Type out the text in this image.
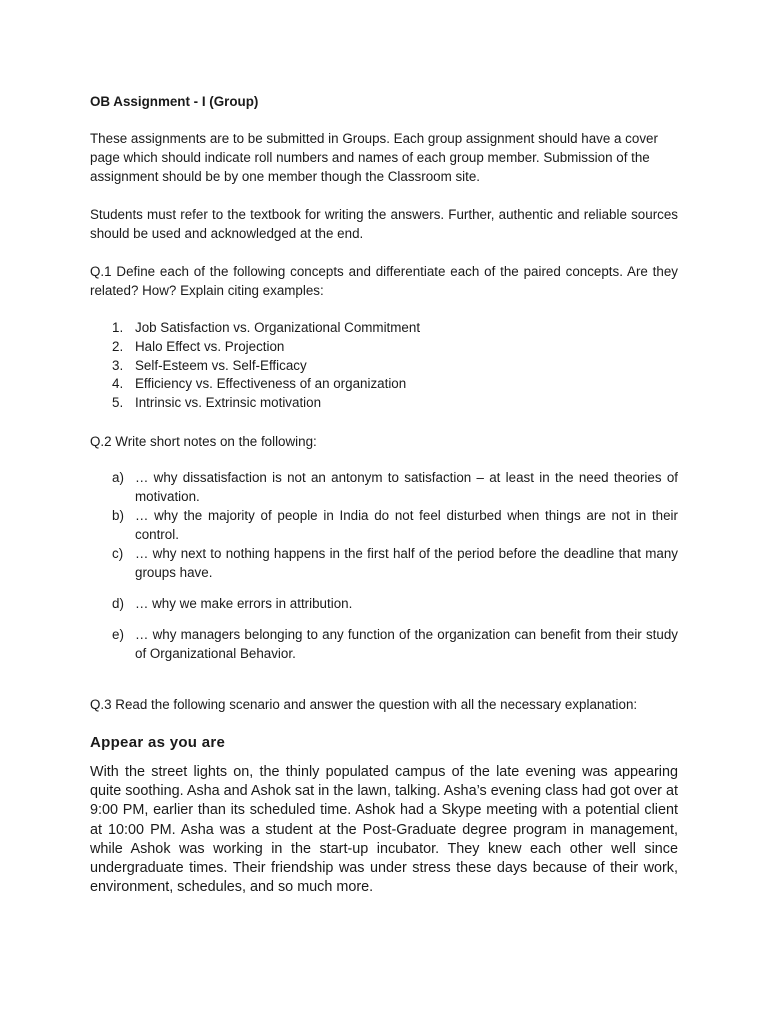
OB Assignment - I (Group)

These assignments are to be submitted in Groups. Each group assignment should have a cover page which should indicate roll numbers and names of each group member. Submission of the assignment should be by one member though the Classroom site.

Students must refer to the textbook for writing the answers. Further, authentic and reliable sources should be used and acknowledged at the end.

Q.1 Define each of the following concepts and differentiate each of the paired concepts. Are they related? How? Explain citing examples:

1. Job Satisfaction vs. Organizational Commitment
2. Halo Effect vs. Projection
3. Self-Esteem vs. Self-Efficacy
4. Efficiency vs. Effectiveness of an organization
5. Intrinsic vs. Extrinsic motivation

Q.2 Write short notes on the following:

a) … why dissatisfaction is not an antonym to satisfaction – at least in the need theories of motivation.
b) … why the majority of people in India do not feel disturbed when things are not in their control.
c) … why next to nothing happens in the first half of the period before the deadline that many groups have.
d) … why we make errors in attribution.
e) … why managers belonging to any function of the organization can benefit from their study of Organizational Behavior.

Q.3 Read the following scenario and answer the question with all the necessary explanation:

Appear as you are

With the street lights on, the thinly populated campus of the late evening was appearing quite soothing. Asha and Ashok sat in the lawn, talking. Asha’s evening class had got over at 9:00 PM, earlier than its scheduled time. Ashok had a Skype meeting with a potential client at 10:00 PM. Asha was a student at the Post-Graduate degree program in management, while Ashok was working in the start-up incubator. They knew each other well since undergraduate times. Their friendship was under stress these days because of their work, environment, schedules, and so much more.
